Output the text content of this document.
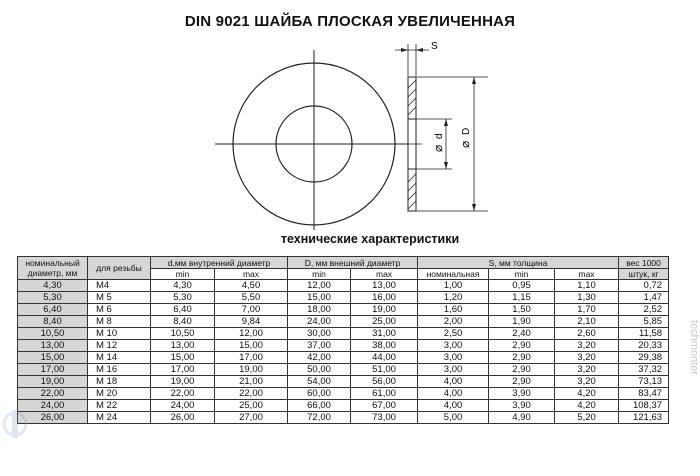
DIN 9021 ШАЙБА ПЛОСКАЯ УВЕЛИЧЕННАЯ
S
⌀
D
⌀
d
технические характеристики
номинальный диаметр, мм	для резьбы	d,мм внутренний диаметр		D, мм внешний диаметр		S, мм толщина			вес 1000
		min	max	min	max	номинальная	min	max	штук, кг
4,30	M4	4,30	4,50	12,00	13,00	1,00	0,95	1,10	0,72
5,30	M 5	5,30	5,50	15,00	16,00	1,20	1,15	1,30	1,47
6,40	M 6	6,40	7,00	18,00	19,00	1,60	1,50	1,70	2,52
8,40	M 8	8,40	9,84	24,00	25,00	2,00	1,90	2,10	5,85
10,50	M 10	10,50	12,00	30,00	31,00	2,50	2,40	2,60	11,58
13,00	M 12	13,00	15,00	37,00	38,00	3,00	2,90	3,20	20,33
15,00	M 14	15,00	17,00	42,00	44,00	3,00	2,90	3,20	29,38
17,00	M 16	17,00	19,00	50,00	51,00	3,00	2,90	3,20	37,32
19,00	M 18	19,00	21,00	54,00	56,00	4,00	2,90	3,20	73,13
22,00	M 20	22,00	22,00	60,00	61,00	4,00	3,90	4,20	83,47
24,00	M 22	24,00	25,00	66,00	67,00	4,00	3,90	4,20	108,37
26,00	M 24	26,00	27,00	72,00	73,00	5,00	4,90	5,20	121,63
techmonter
